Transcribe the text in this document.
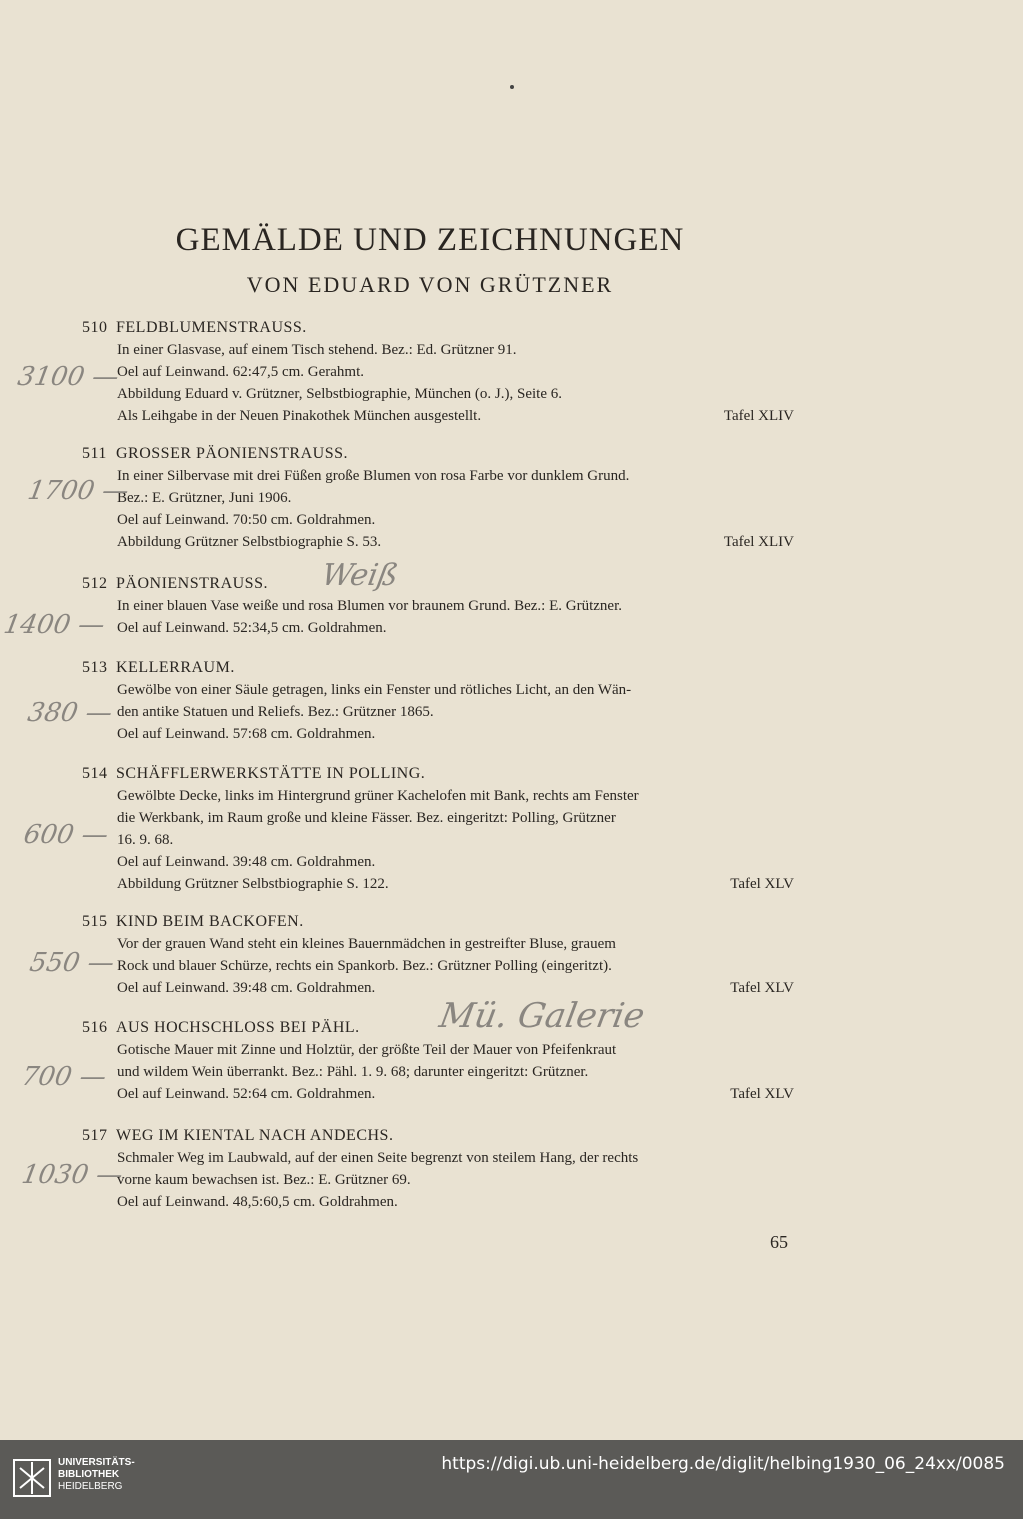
GEMÄLDE UND ZEICHNUNGEN
VON EDUARD VON GRÜTZNER
510 FELDBLUMENSTRAUSS.
In einer Glasvase, auf einem Tisch stehend. Bez.: Ed. Grützner 91.
Oel auf Leinwand. 62:47,5 cm. Gerahmt.
Abbildung Eduard v. Grützner, Selbstbiographie, München (o. J.), Seite 6.
Als Leihgabe in der Neuen Pinakothek München ausgestellt.	Tafel XLIV
511 GROSSER PÄONIENSTRAUSS.
In einer Silbervase mit drei Füßen große Blumen von rosa Farbe vor dunklem Grund.
Bez.: E. Grützner, Juni 1906.
Oel auf Leinwand. 70:50 cm. Goldrahmen.
Abbildung Grützner Selbstbiographie S. 53.	Tafel XLIV
512 PÄONIENSTRAUSS.
In einer blauen Vase weiße und rosa Blumen vor braunem Grund. Bez.: E. Grützner.
Oel auf Leinwand. 52:34,5 cm. Goldrahmen.
513 KELLERRAUM.
Gewölbe von einer Säule getragen, links ein Fenster und rötliches Licht, an den Wän-
den antike Statuen und Reliefs. Bez.: Grützner 1865.
Oel auf Leinwand. 57:68 cm. Goldrahmen.
514 SCHÄFFLERWERKSTÄTTE IN POLLING.
Gewölbte Decke, links im Hintergrund grüner Kachelofen mit Bank, rechts am Fenster
die Werkbank, im Raum große und kleine Fässer. Bez. eingeritzt: Polling, Grützner
16. 9. 68.
Oel auf Leinwand. 39:48 cm. Goldrahmen.
Abbildung Grützner Selbstbiographie S. 122.	Tafel XLV
515 KIND BEIM BACKOFEN.
Vor der grauen Wand steht ein kleines Bauernmädchen in gestreifter Bluse, grauem
Rock und blauer Schürze, rechts ein Spankorb. Bez.: Grützner Polling (eingeritzt).
Oel auf Leinwand. 39:48 cm. Goldrahmen.	Tafel XLV
516 AUS HOCHSCHLOSS BEI PÄHL.
Gotische Mauer mit Zinne und Holztür, der größte Teil der Mauer von Pfeifenkraut
und wildem Wein überrankt. Bez.: Pähl. 1. 9. 68; darunter eingeritzt: Grützner.
Oel auf Leinwand. 52:64 cm. Goldrahmen.	Tafel XLV
517 WEG IM KIENTAL NACH ANDECHS.
Schmaler Weg im Laubwald, auf der einen Seite begrenzt von steilem Hang, der rechts
vorne kaum bewachsen ist. Bez.: E. Grützner 69.
Oel auf Leinwand. 48,5:60,5 cm. Goldrahmen.
3100 —
1700 —
1400 —
380 —
600 —
550 —
700 —
1030 —
Weiß
Mü. Galerie
65
UNIVERSITÄTS-
BIBLIOTHEK
HEIDELBERG
https://digi.ub.uni-heidelberg.de/diglit/helbing1930_06_24xx/0085
